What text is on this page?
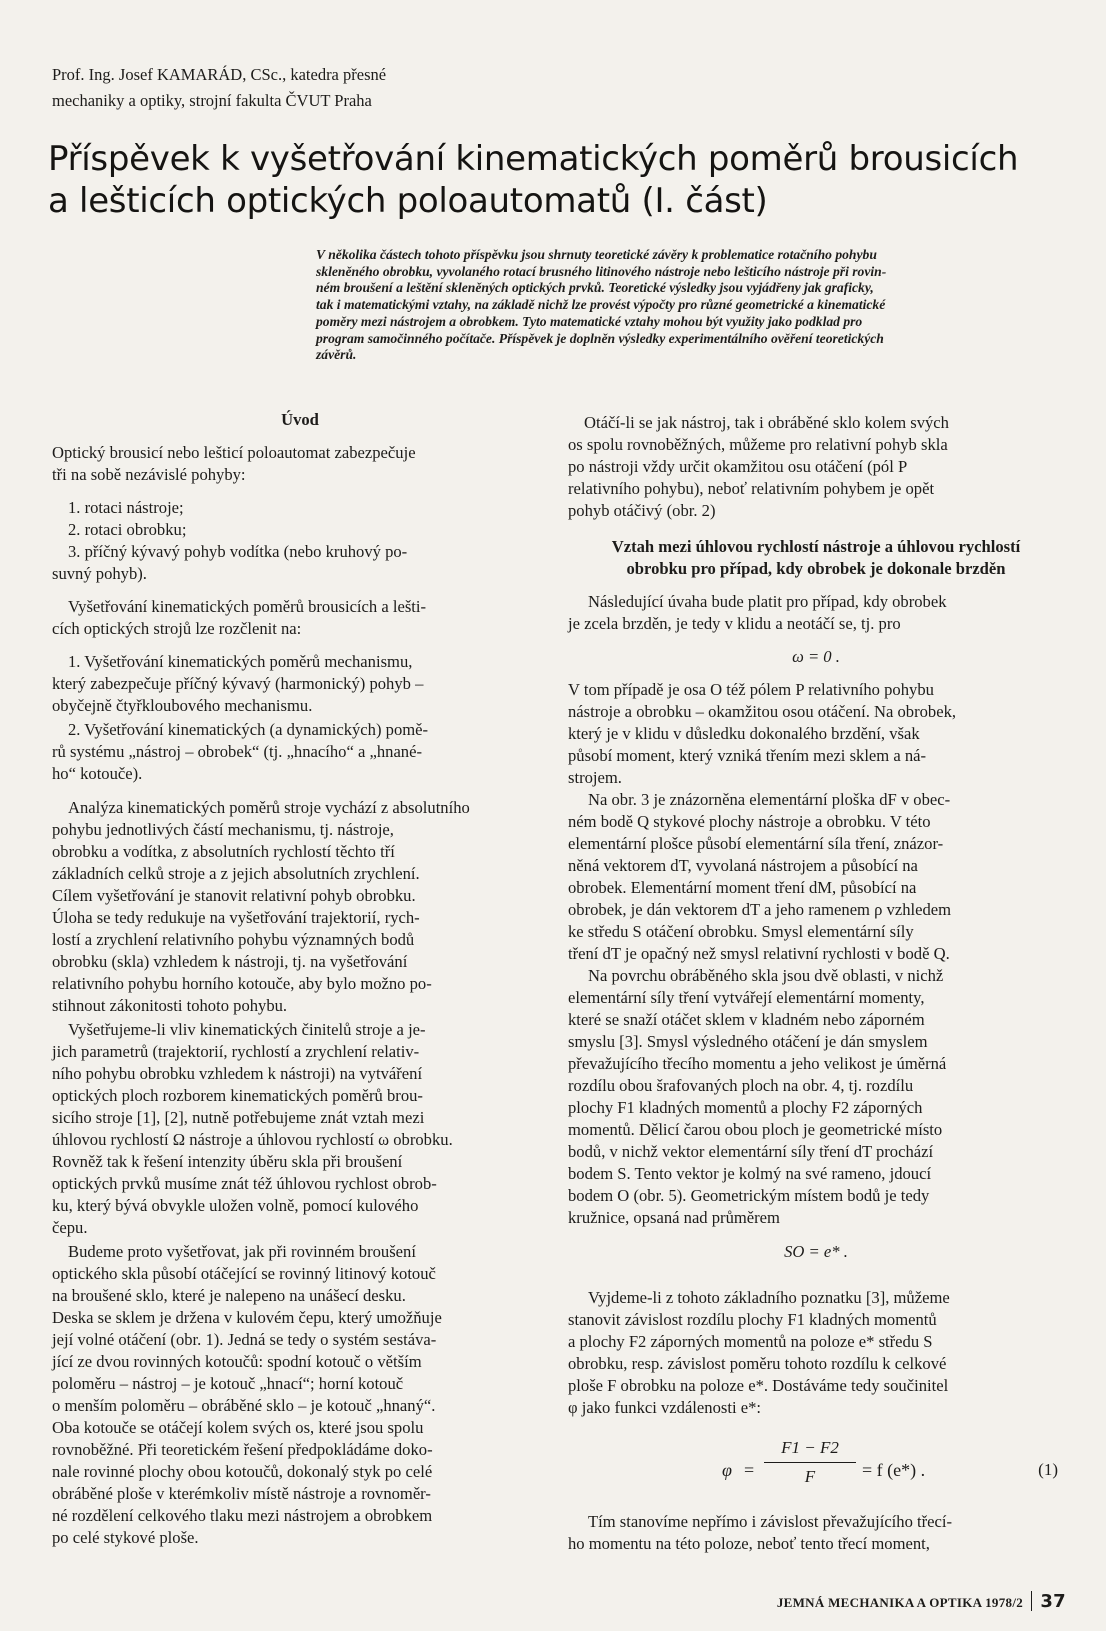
Prof. Ing. Josef KAMARÁD, CSc., katedra přesné
mechaniky a optiky, strojní fakulta ČVUT Praha
Příspěvek k vyšetřování kinematických poměrů brousicích
a lešticích optických poloautomatů (I. část)
V několika částech tohoto příspěvku jsou shrnuty teoretické závěry k problematice rotačního pohybu
skleněného obrobku, vyvolaného rotací brusného litinového nástroje nebo lešticího nástroje při rovin-
ném broušení a leštění skleněných optických prvků. Teoretické výsledky jsou vyjádřeny jak graficky,
tak i matematickými vztahy, na základě nichž lze provést výpočty pro různé geometrické a kinematické
poměry mezi nástrojem a obrobkem. Tyto matematické vztahy mohou být využity jako podklad pro
program samočinného počítače. Příspěvek je doplněn výsledky experimentálního ověření teoretických
závěrů.
Úvod
Optický brousicí nebo lešticí poloautomat zabezpečuje
tři na sobě nezávislé pohyby:
1. rotaci nástroje;
2. rotaci obrobku;
3. příčný kývavý pohyb vodítka (nebo kruhový po-
suvný pohyb).
Vyšetřování kinematických poměrů brousicích a lešti-
cích optických strojů lze rozčlenit na:
1. Vyšetřování kinematických poměrů mechanismu,
který zabezpečuje příčný kývavý (harmonický) pohyb –
obyčejně čtyřkloubového mechanismu.
2. Vyšetřování kinematických (a dynamických) pomě-
rů systému „nástroj – obrobek“ (tj. „hnacího“ a „hnané-
ho“ kotouče).
Analýza kinematických poměrů stroje vychází z absolutního
pohybu jednotlivých částí mechanismu, tj. nástroje,
obrobku a vodítka, z absolutních rychlostí těchto tří
základních celků stroje a z jejich absolutních zrychlení.
Cílem vyšetřování je stanovit relativní pohyb obrobku.
Úloha se tedy redukuje na vyšetřování trajektorií, rych-
lostí a zrychlení relativního pohybu významných bodů
obrobku (skla) vzhledem k nástroji, tj. na vyšetřování
relativního pohybu horního kotouče, aby bylo možno po-
stihnout zákonitosti tohoto pohybu.
Vyšetřujeme-li vliv kinematických činitelů stroje a je-
jich parametrů (trajektorií, rychlostí a zrychlení relativ-
ního pohybu obrobku vzhledem k nástroji) na vytváření
optických ploch rozborem kinematických poměrů brou-
sicího stroje [1], [2], nutně potřebujeme znát vztah mezi
úhlovou rychlostí Ω nástroje a úhlovou rychlostí ω obrobku.
Rovněž tak k řešení intenzity úběru skla při broušení
optických prvků musíme znát též úhlovou rychlost obrob-
ku, který bývá obvykle uložen volně, pomocí kulového
čepu.
Budeme proto vyšetřovat, jak při rovinném broušení
optického skla působí otáčející se rovinný litinový kotouč
na broušené sklo, které je nalepeno na unášecí desku.
Deska se sklem je držena v kulovém čepu, který umožňuje
její volné otáčení (obr. 1). Jedná se tedy o systém sestáva-
jící ze dvou rovinných kotoučů: spodní kotouč o větším
poloměru – nástroj – je kotouč „hnací“; horní kotouč
o menším poloměru – obráběné sklo – je kotouč „hnaný“.
Oba kotouče se otáčejí kolem svých os, které jsou spolu
rovnoběžné. Při teoretickém řešení předpokládáme doko-
nale rovinné plochy obou kotoučů, dokonalý styk po celé
obráběné ploše v kterémkoliv místě nástroje a rovnoměr-
né rozdělení celkového tlaku mezi nástrojem a obrobkem
po celé stykové ploše.
Otáčí-li se jak nástroj, tak i obráběné sklo kolem svých
os spolu rovnoběžných, můžeme pro relativní pohyb skla
po nástroji vždy určit okamžitou osu otáčení (pól P
relativního pohybu), neboť relativním pohybem je opět
pohyb otáčivý (obr. 2)
Vztah mezi úhlovou rychlostí nástroje a úhlovou rychlostí
obrobku pro případ, kdy obrobek je dokonale brzděn
Následující úvaha bude platit pro případ, kdy obrobek
je zcela brzděn, je tedy v klidu a neotáčí se, tj. pro
ω = 0 .
V tom případě je osa O též pólem P relativního pohybu
nástroje a obrobku – okamžitou osou otáčení. Na obrobek,
který je v klidu v důsledku dokonalého brzdění, však
působí moment, který vzniká třením mezi sklem a ná-
strojem.
Na obr. 3 je znázorněna elementární ploška dF v obec-
ném bodě Q stykové plochy nástroje a obrobku. V této
elementární plošce působí elementární síla tření, znázor-
něná vektorem dT, vyvolaná nástrojem a působící na
obrobek. Elementární moment tření dM, působící na
obrobek, je dán vektorem dT a jeho ramenem ρ vzhledem
ke středu S otáčení obrobku. Smysl elementární síly
tření dT je opačný než smysl relativní rychlosti v bodě Q.
Na povrchu obráběného skla jsou dvě oblasti, v nichž
elementární síly tření vytvářejí elementární momenty,
které se snaží otáčet sklem v kladném nebo záporném
smyslu [3]. Smysl výsledného otáčení je dán smyslem
převažujícího třecího momentu a jeho velikost je úměrná
rozdílu obou šrafovaných ploch na obr. 4, tj. rozdílu
plochy F1 kladných momentů a plochy F2 záporných
momentů. Dělicí čarou obou ploch je geometrické místo
bodů, v nichž vektor elementární síly tření dT prochází
bodem S. Tento vektor je kolmý na své rameno, jdoucí
bodem O (obr. 5). Geometrickým místem bodů je tedy
kružnice, opsaná nad průměrem
SO = e* .
Vyjdeme-li z tohoto základního poznatku [3], můžeme
stanovit závislost rozdílu plochy F1 kladných momentů
a plochy F2 záporných momentů na poloze e* středu S
obrobku, resp. závislost poměru tohoto rozdílu k celkové
ploše F obrobku na poloze e*. Dostáváme tedy součinitel
φ jako funkci vzdálenosti e*:
φ =
F1 − F2
F	= f (e*) .	(1)
Tím stanovíme nepřímo i závislost převažujícího třecí-
ho momentu na této poloze, neboť tento třecí moment,
JEMNÁ MECHANIKA A OPTIKA 1978/2 37
